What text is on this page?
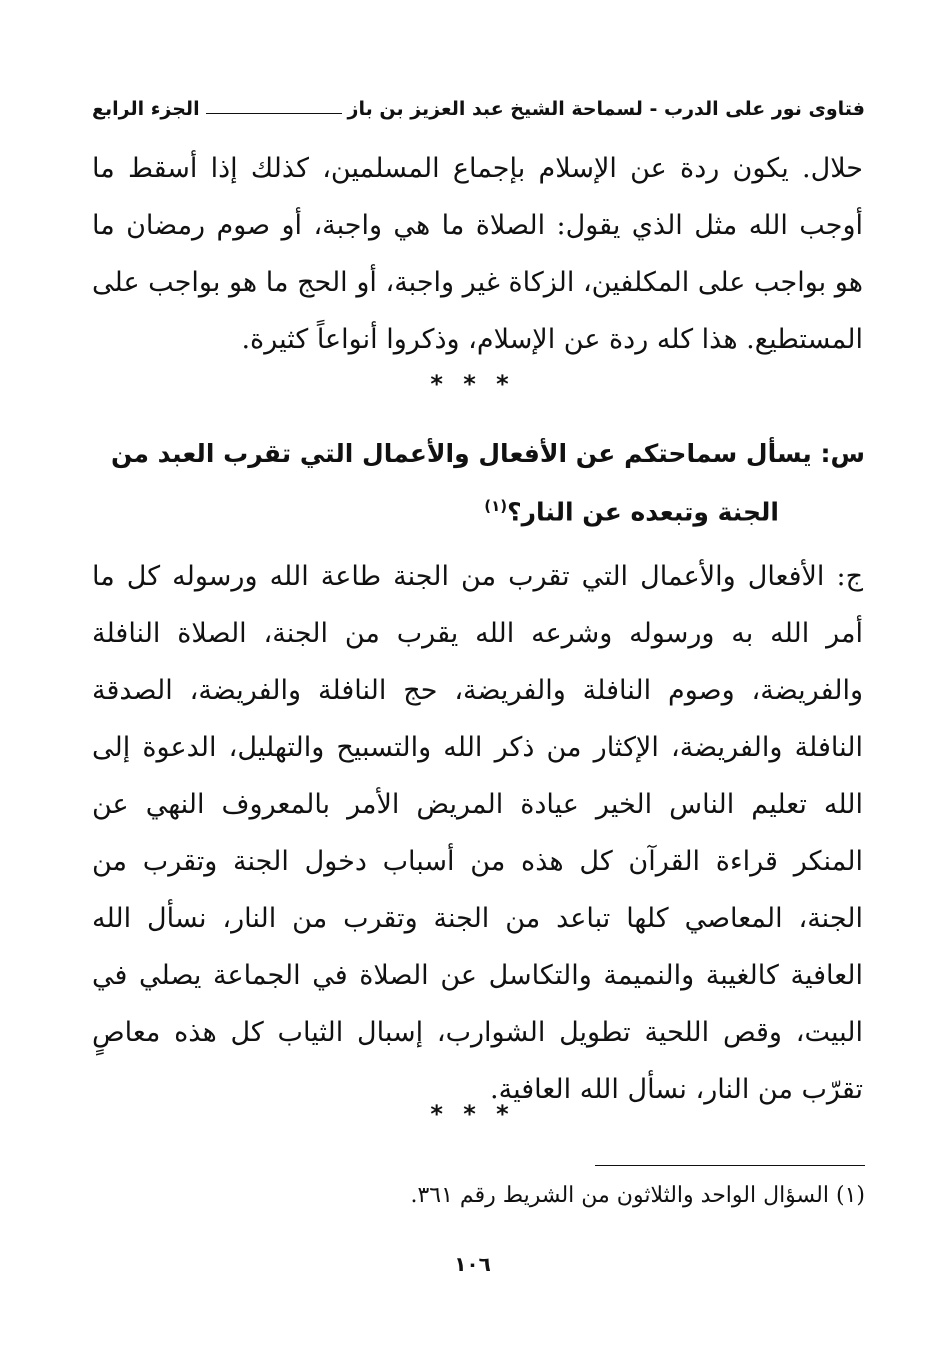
فتاوى نور على الدرب - لسماحة الشيخ عبد العزيز بن باز
الجزء الرابع
حلال. يكون ردة عن الإسلام بإجماع المسلمين، كذلك إذا أسقط ما أوجب الله مثل الذي يقول: الصلاة ما هي واجبة، أو صوم رمضان ما هو بواجب على المكلفين، الزكاة غير واجبة، أو الحج ما هو بواجب على المستطيع. هذا كله ردة عن الإسلام، وذكروا أنواعاً كثيرة.
* * *
س: يسأل سماحتكم عن الأفعال والأعمال التي تقرب العبد من
الجنة وتبعده عن النار؟$^{(١)}$
ج: الأفعال والأعمال التي تقرب من الجنة طاعة الله ورسوله كل ما أمر الله به ورسوله وشرعه الله يقرب من الجنة، الصلاة النافلة والفريضة، وصوم النافلة والفريضة، حج النافلة والفريضة، الصدقة النافلة والفريضة، الإكثار من ذكر الله والتسبيح والتهليل، الدعوة إلى الله تعليم الناس الخير عيادة المريض الأمر بالمعروف النهي عن المنكر قراءة القرآن كل هذه من أسباب دخول الجنة وتقرب من الجنة، المعاصي كلها تباعد من الجنة وتقرب من النار، نسأل الله العافية كالغيبة والنميمة والتكاسل عن الصلاة في الجماعة يصلي في البيت، وقص اللحية تطويل الشوارب، إسبال الثياب كل هذه معاصٍ تقرّب من النار، نسأل الله العافية.
* * *
(١) السؤال الواحد والثلاثون من الشريط رقم ٣٦١.
١٠٦
